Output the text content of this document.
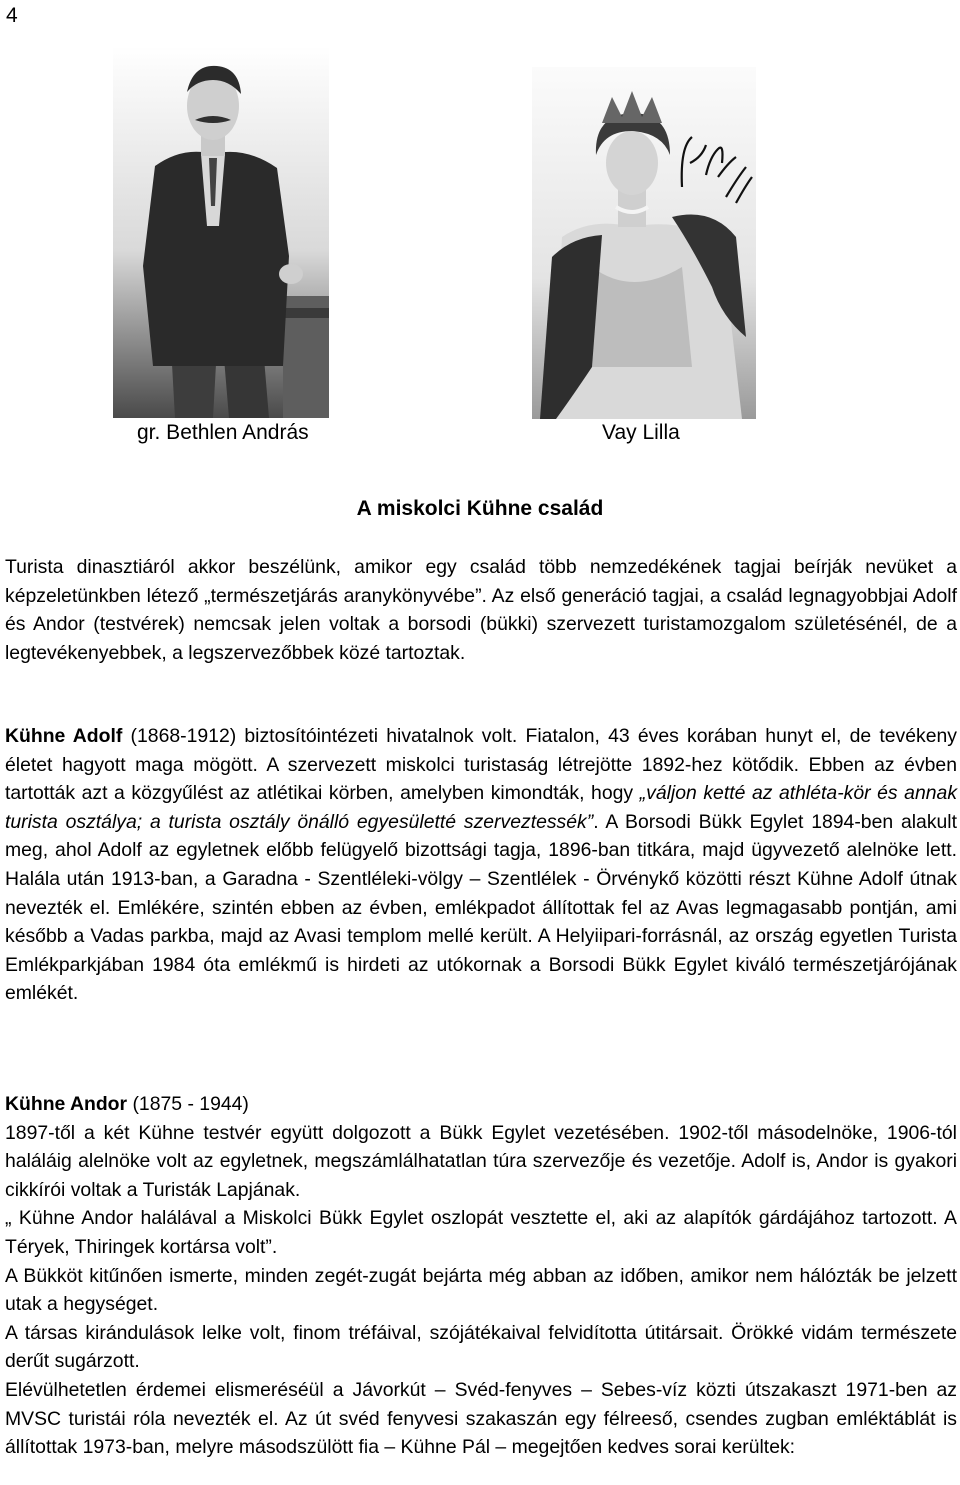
4
gr. Bethlen András	Vay Lilla
A miskolci Kühne család

Turista dinasztiáról akkor beszélünk, amikor egy család több nemzedékének tagjai beírják nevüket a képzeletünkben létező „természetjárás aranykönyvébe”. Az első generáció tagjai, a család legnagyobbjai Adolf és Andor (testvérek) nemcsak jelen voltak a borsodi (bükki) szervezett turistamozgalom születésénél, de a legtevékenyebbek, a legszervezőbbek közé tartoztak.

Kühne Adolf (1868-1912) biztosítóintézeti hivatalnok volt. Fiatalon, 43 éves korában hunyt el, de tevékeny életet hagyott maga mögött. A szervezett miskolci turistaság létrejötte 1892-hez kötődik. Ebben az évben tartották azt a közgyűlést az atlétikai körben, amelyben kimondták, hogy „váljon ketté az athléta-kör és annak turista osztálya; a turista osztály önálló egyesületté szerveztessék”. A Borsodi Bükk Egylet 1894-ben alakult meg, ahol Adolf az egyletnek előbb felügyelő bizottsági tagja, 1896-ban titkára, majd ügyvezető alelnöke lett. Halála után 1913-ban, a Garadna - Szentléleki-völgy – Szentlélek - Örvénykő közötti részt Kühne Adolf útnak nevezték el. Emlékére, szintén ebben az évben, emlékpadot állítottak fel az Avas legmagasabb pontján, ami később a Vadas parkba, majd az Avasi templom mellé került. A Helyiipari-forrásnál, az ország egyetlen Turista Emlékparkjában 1984 óta emlékmű is hirdeti az utókornak a Borsodi Bükk Egylet kiváló természetjárójának emlékét.

Kühne Andor (1875 - 1944)

1897-től a két Kühne testvér együtt dolgozott a Bükk Egylet vezetésében. 1902-től másodelnöke, 1906-tól haláláig alelnöke volt az egyletnek, megszámlálhatatlan túra szervezője és vezetője. Adolf is, Andor is gyakori cikkírói voltak a Turisták Lapjának.

„ Kühne Andor halálával a Miskolci Bükk Egylet oszlopát vesztette el, aki az alapítók gárdájához tartozott. A Téryek, Thiringek kortársa volt”.

A Bükköt kitűnően ismerte, minden zegét-zugát bejárta még abban az időben, amikor nem hálózták be jelzett utak a hegységet.

A társas kirándulások lelke volt, finom tréfáival, szójátékaival felvidította útitársait. Örökké vidám természete derűt sugárzott.

Elévülhetetlen érdemei elismeréséül a Jávorkút – Svéd-fenyves – Sebes-víz közti útszakaszt 1971-ben az MVSC turistái róla nevezték el. Az út svéd fenyvesi szakaszán egy félreeső, csendes zugban emléktáblát is állítottak 1973-ban, melyre másodszülött fia – Kühne Pál – megejtően kedves sorai kerültek:
